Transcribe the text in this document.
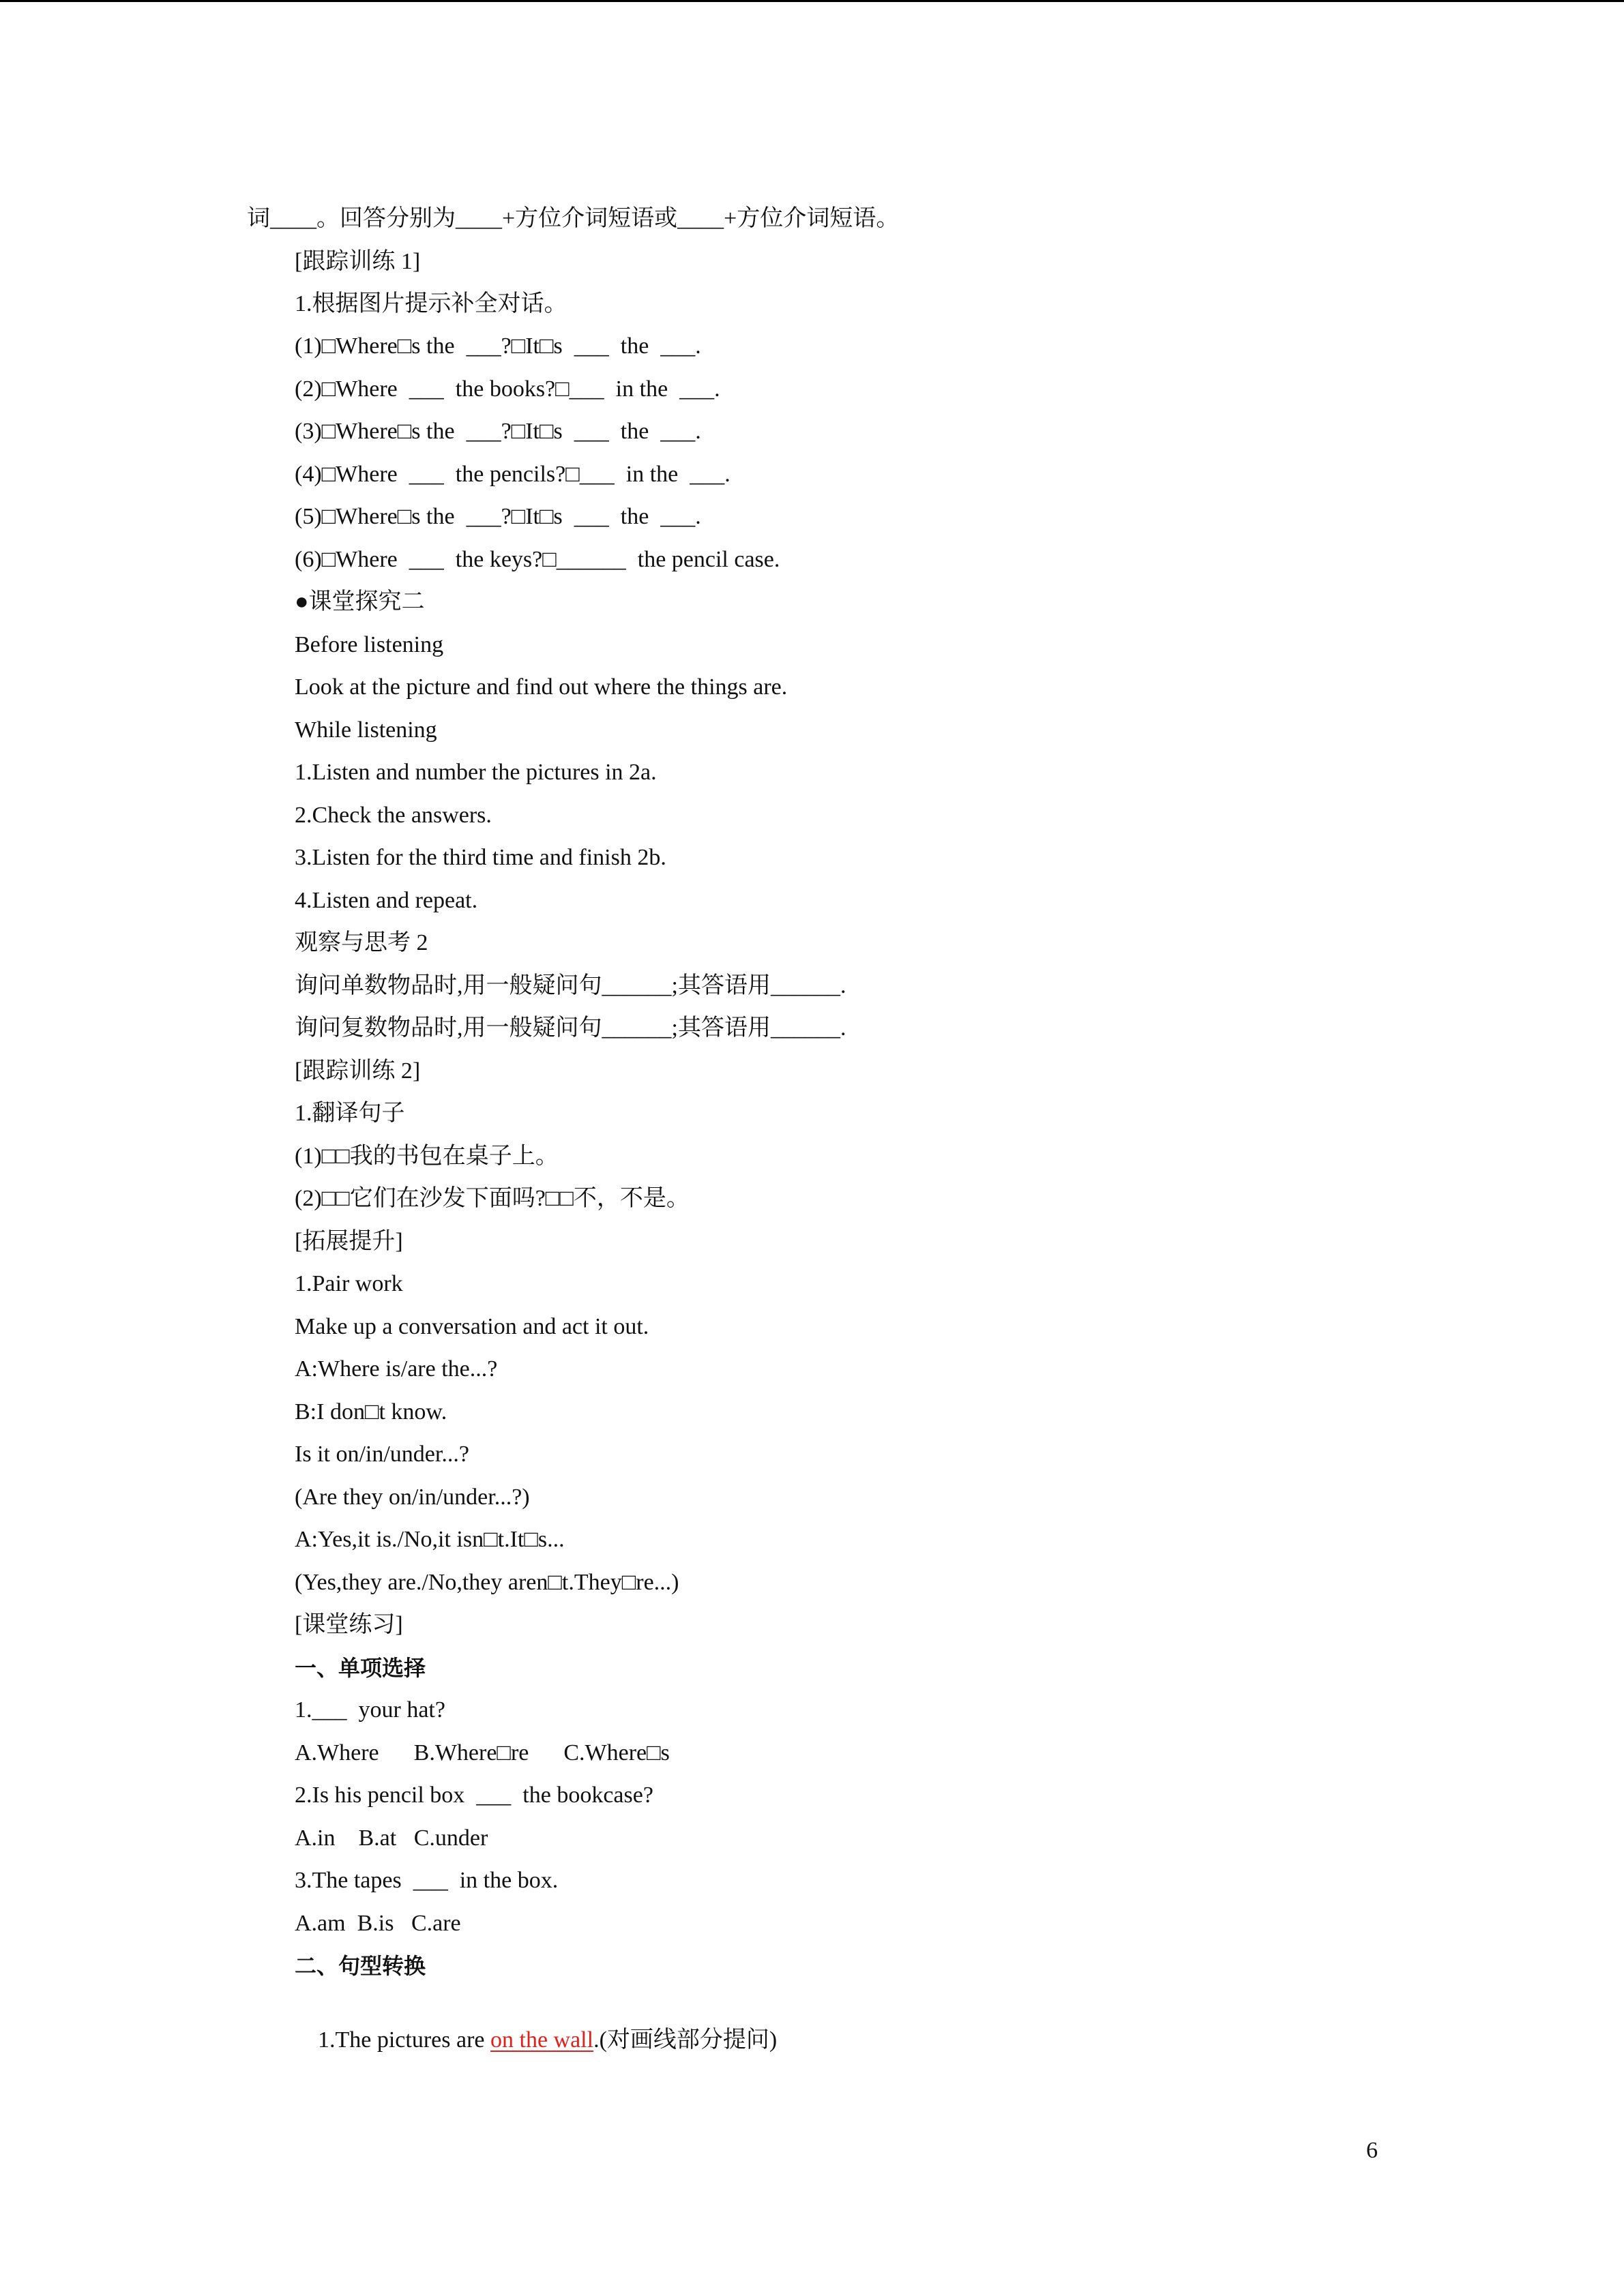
词____。回答分别为____+方位介词短语或____+方位介词短语。
[跟踪训练 1]
1.根据图片提示补全对话。
(1)□Where□s the  ___?□It□s  ___  the  ___.
(2)□Where  ___  the books?□___  in the  ___.
(3)□Where□s the  ___?□It□s  ___  the  ___.
(4)□Where  ___  the pencils?□___  in the  ___.
(5)□Where□s the  ___?□It□s  ___  the  ___.
(6)□Where  ___  the keys?□______  the pencil case.
●课堂探究二
Before listening
Look at the picture and find out where the things are.
While listening
1.Listen and number the pictures in 2a.
2.Check the answers.
3.Listen for the third time and finish 2b.
4.Listen and repeat.
观察与思考 2
询问单数物品时,用一般疑问句______;其答语用______.
询问复数物品时,用一般疑问句______;其答语用______.
[跟踪训练 2]
1.翻译句子
(1)□□我的书包在桌子上。
(2)□□它们在沙发下面吗?□□不，不是。
[拓展提升]
1.Pair work
Make up a conversation and act it out.
A:Where is/are the...?
B:I don□t know.
Is it on/in/under...?
(Are they on/in/under...?)
A:Yes,it is./No,it isn□t.It□s...
(Yes,they are./No,they aren□t.They□re...)
[课堂练习]
一、单项选择
1.___  your hat?
A.Where      B.Where□re      C.Where□s
2.Is his pencil box  ___  the bookcase?
A.in    B.at   C.under
3.The tapes  ___  in the box.
A.am  B.is   C.are
二、句型转换

1.The pictures are on the wall.(对画线部分提问)

6
